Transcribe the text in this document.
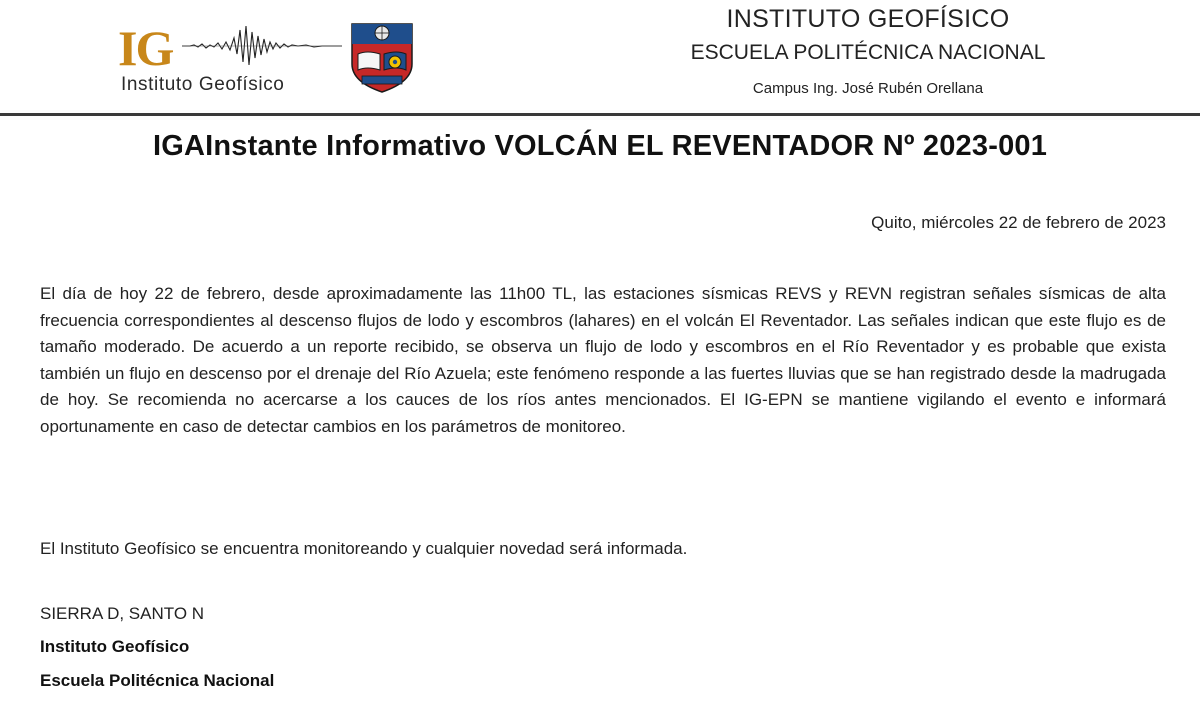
IG
Instituto Geofísico
INSTITUTO GEOFÍSICO
ESCUELA POLITÉCNICA NACIONAL
Campus Ing. José Rubén Orellana
IGAInstante Informativo VOLCÁN EL REVENTADOR Nº 2023-001
Quito, miércoles 22 de febrero de 2023

El día de hoy 22 de febrero, desde aproximadamente las 11h00 TL, las estaciones sísmicas REVS y REVN registran señales sísmicas de alta frecuencia correspondientes al descenso flujos de lodo y escombros (lahares) en el volcán El Reventador. Las señales indican que este flujo es de tamaño moderado. De acuerdo a un reporte recibido, se observa un flujo de lodo y escombros en el Río Reventador y es probable que exista también un flujo en descenso por el drenaje del Río Azuela; este fenómeno responde a las fuertes lluvias que se han registrado desde la madrugada de hoy. Se recomienda no acercarse a los cauces de los ríos antes mencionados. El IG-EPN se mantiene vigilando el evento e informará oportunamente en caso de detectar cambios en los parámetros de monitoreo.

El Instituto Geofísico se encuentra monitoreando y cualquier novedad será informada.
SIERRA D, SANTO N
Instituto Geofísico
Escuela Politécnica Nacional
